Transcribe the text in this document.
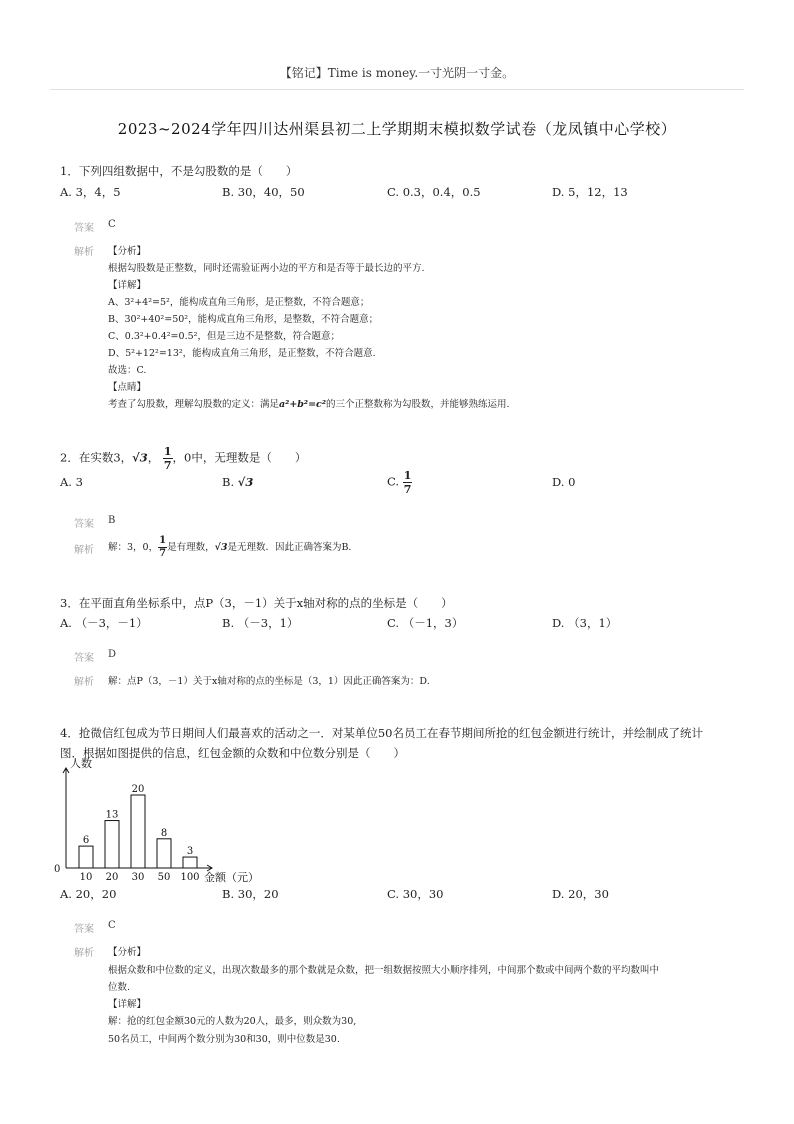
【铭记】Time is money.一寸光阴一寸金。
2023~2024学年四川达州渠县初二上学期期末模拟数学试卷（龙凤镇中心学校）
1．下列四组数据中，不是勾股数的是（　　）
A. 3，4，5	B. 30，40，50	C. 0.3，0.4，0.5	D. 5，12，13
答案 C
解析 【分析】
根据勾股数是正整数，同时还需验证两小边的平方和是否等于最长边的平方.
【详解】
A、3²+4²=5²，能构成直角三角形，是正整数，不符合题意；
B、30²+40²=50²，能构成直角三角形，是整数，不符合题意；
C、0.3²+0.4²=0.5²，但是三边不是整数，符合题意；
D、5²+12²=13²，能构成直角三角形，是正整数，不符合题意.
故选：C.
【点睛】
考查了勾股数，理解勾股数的定义：满足a²+b²=c²的三个正整数称为勾股数，并能够熟练运用.
2．在实数3，√3， $\frac{1}{7}$ ，0中，无理数是（　　）
A. 3	B. √3	C. $\frac{1}{7}$	D. 0
答案 B
解析 解：3，0， $\frac{1}{7}$ 是有理数，√3是无理数．因此正确答案为B.
3．在平面直角坐标系中，点P（3，－1）关于x轴对称的点的坐标是（　　）
A. （－3，－1）	B. （－3，1）	C. （－1，3）	D. （3，1）
答案 D
解析 解：点P（3，－1）关于x轴对称的点的坐标是（3，1）因此正确答案为：D.
4．抢微信红包成为节日期间人们最喜欢的活动之一．对某单位50名员工在春节期间所抢的红包金额进行统计，并绘制成了统计
图．根据如图提供的信息，红包金额的众数和中位数分别是（　　）
人数
金额（元）
0
6
10
13
20
20
30
8
50
3
100
A. 20，20	B. 30，20	C. 30，30	D. 20，30
答案 C
解析 【分析】
根据众数和中位数的定义，出现次数最多的那个数就是众数，把一组数据按照大小顺序排列，中间那个数或中间两个数的平均数叫中
位数.
【详解】
解：抢的红包金额30元的人数为20人，最多，则众数为30,
50名员工，中间两个数分别为30和30，则中位数是30.
